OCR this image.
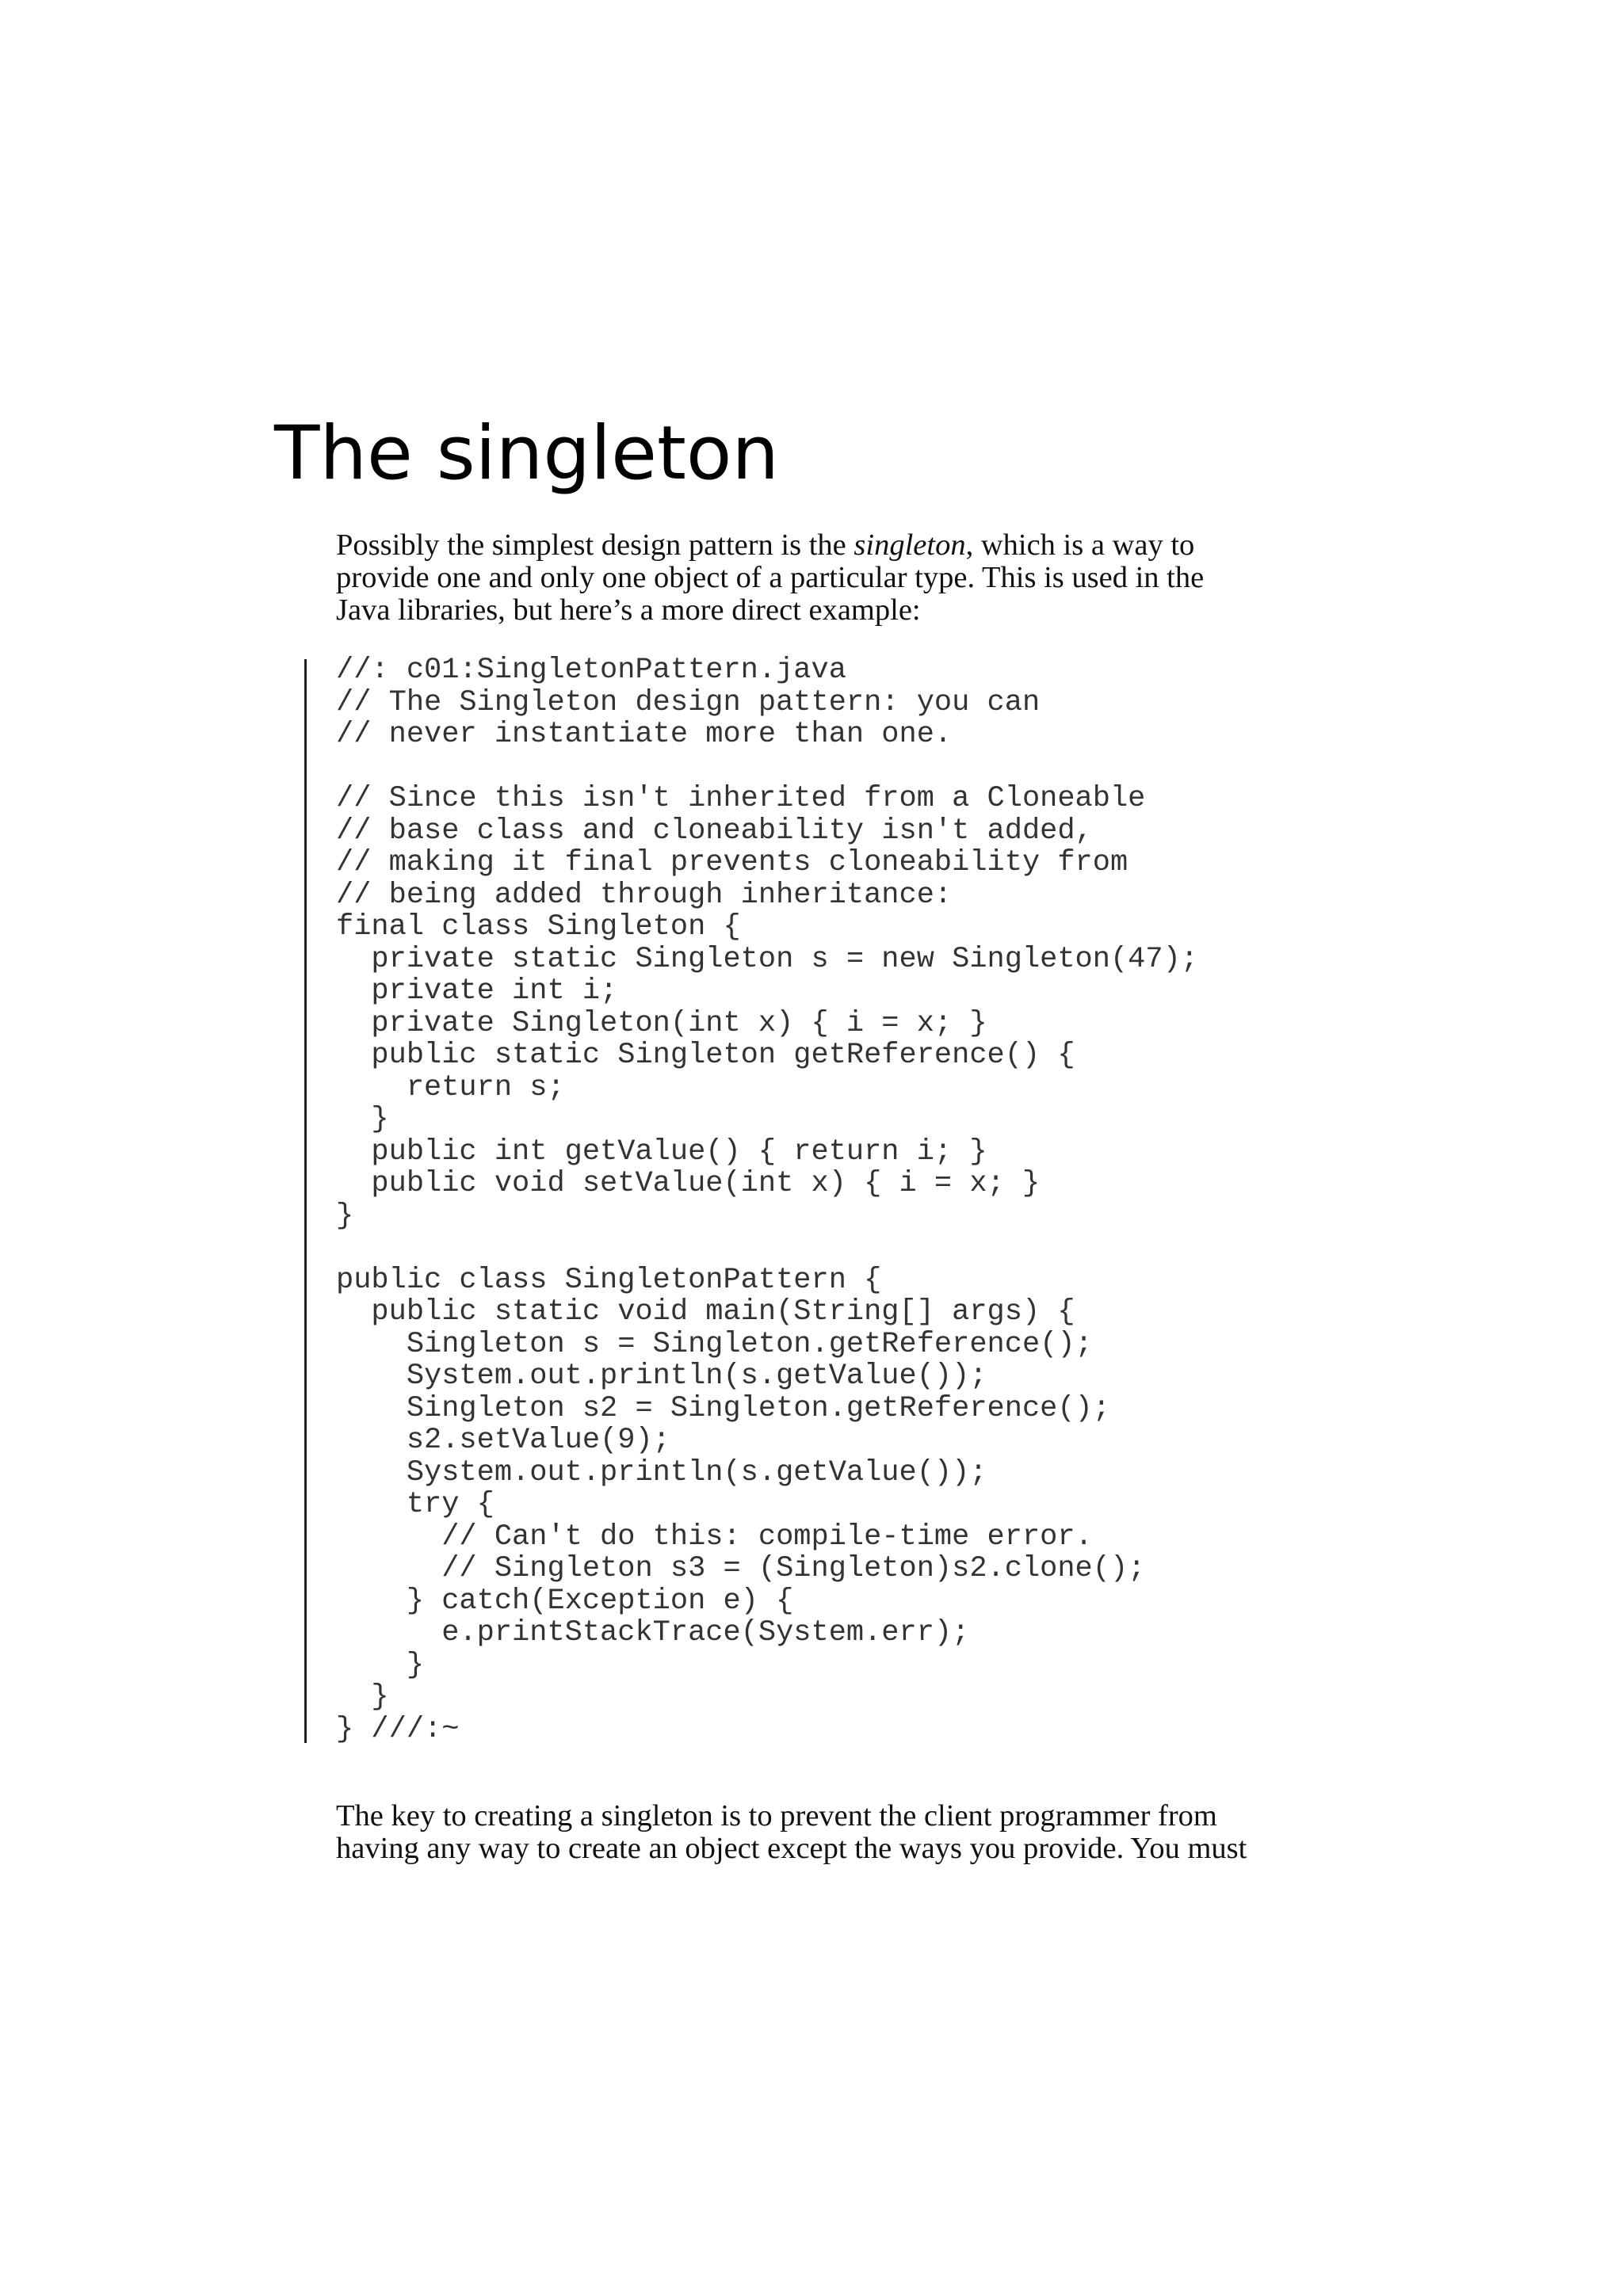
The singleton

Possibly the simplest design pattern is the singleton, which is a way to
provide one and only one object of a particular type. This is used in the
Java libraries, but here’s a more direct example:

//: c01:SingletonPattern.java
// The Singleton design pattern: you can
// never instantiate more than one.
// Since this isn't inherited from a Cloneable
// base class and cloneability isn't added,
// making it final prevents cloneability from
// being added through inheritance:
final class Singleton {
private static Singleton s = new Singleton(47);
private int i;
private Singleton(int x) { i = x; }
public static Singleton getReference() {
return s;
}
public int getValue() { return i; }
public void setValue(int x) { i = x; }
}
public class SingletonPattern {
public static void main(String[] args) {
Singleton s = Singleton.getReference();
System.out.println(s.getValue());
Singleton s2 = Singleton.getReference();
s2.setValue(9);
System.out.println(s.getValue());
try {
// Can't do this: compile-time error.
// Singleton s3 = (Singleton)s2.clone();
} catch(Exception e) {
e.printStackTrace(System.err);
}
}
} ///:~

The key to creating a singleton is to prevent the client programmer from
having any way to create an object except the ways you provide. You must
